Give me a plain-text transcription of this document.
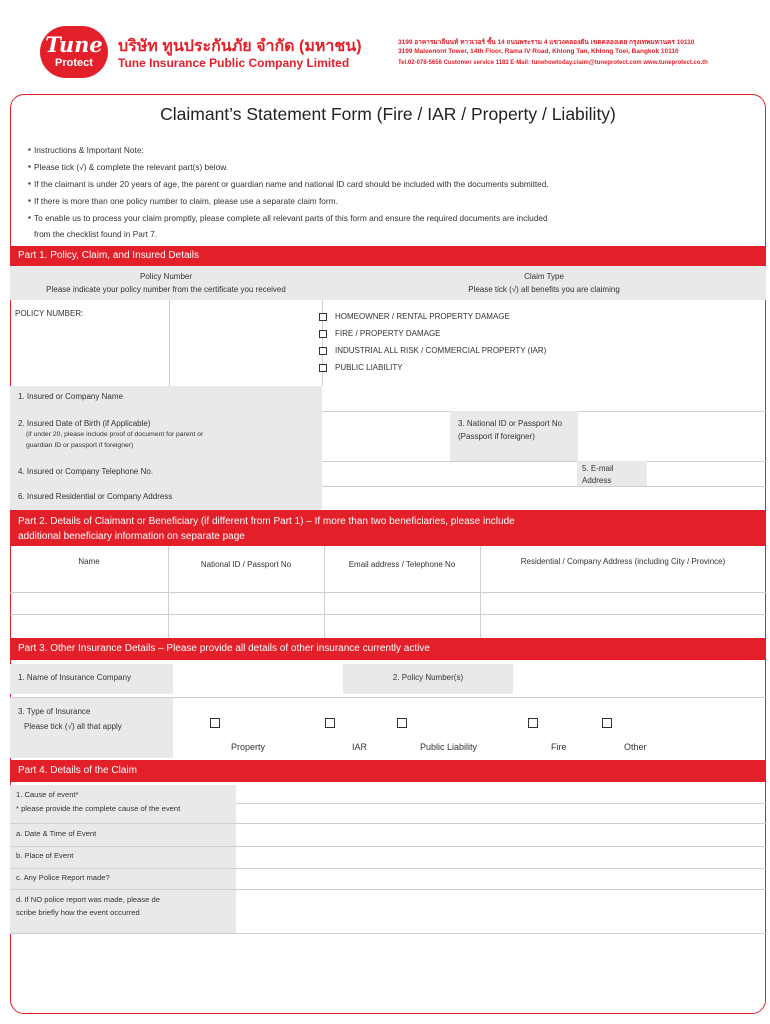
Tune
Protect
บริษัท ทูนประกันภัย จำกัด (มหาชน)
Tune Insurance Public Company Limited
3199 อาคารมาลีนนท์ ทาวเวอร์ ชั้น 14 ถนนพระราม 4 แขวงคลองตัน เขตคลองเตย กรุงเทพมหานคร 10110
3199 Maleenont Tower, 14th Floor, Rama IV Road, Khlong Tan, Khlong Toei, Bangkok 10110
Tel.02-078-5656 Customer service 1183 E-Mail: tunehowtoday.claim@tuneprotect.com www.tuneprotect.co.th
Claimant’s Statement Form (Fire / IAR / Property / Liability)
▪ Instructions & Important Note:
▪ Please tick (√) & complete the relevant part(s) below.
▪ If the claimant is under 20 years of age, the parent or guardian name and national ID card should be included with the documents submitted.
▪ If there is more than one policy number to claim, please use a separate claim form.
▪ To enable us to process your claim promptly, please complete all relevant parts of this form and ensure the required documents are included
from the checklist found in Part 7.
Part 1. Policy, Claim, and Insured Details
Policy Number
Please indicate your policy number from the certificate you received
Claim Type
Please tick (√) all benefits you are claiming
POLICY NUMBER:	HOMEOWNER / RENTAL PROPERTY DAMAGE
FIRE / PROPERTY DAMAGE
INDUSTRIAL ALL RISK / COMMERCIAL PROPERTY (IAR)
PUBLIC LIABILITY
1. Insured or Company Name
2. Insured Date of Birth (if Applicable)
(if under 20, please include proof of document for parent or
guardian ID or passport if foreigner)
3. National ID or Passport No
(Passport if foreigner)
4. Insured or Company Telephone No.	5. E-mail
Address
6. Insured Residential or Company Address
Part 2. Details of Claimant or Beneficiary (if different from Part 1) – If more than two beneficiaries, please include
additional beneficiary information on separate page
Name	National ID / Passport No	Email address / Telephone No	Residential / Company Address (including City / Province)
Part 3. Other Insurance Details – Please provide all details of other insurance currently active
1. Name of Insurance Company	2. Policy Number(s)
3. Type of Insurance
Please tick (√) all that apply
Property	IAR	Public Liability	Fire	Other
Part 4. Details of the Claim
1. Cause of event*
* please provide the complete cause of the event
a. Date & Time of Event
b. Place of Event
c. Any Police Report made?
d. If NO police report was made, please de
scribe briefly how the event occurred
